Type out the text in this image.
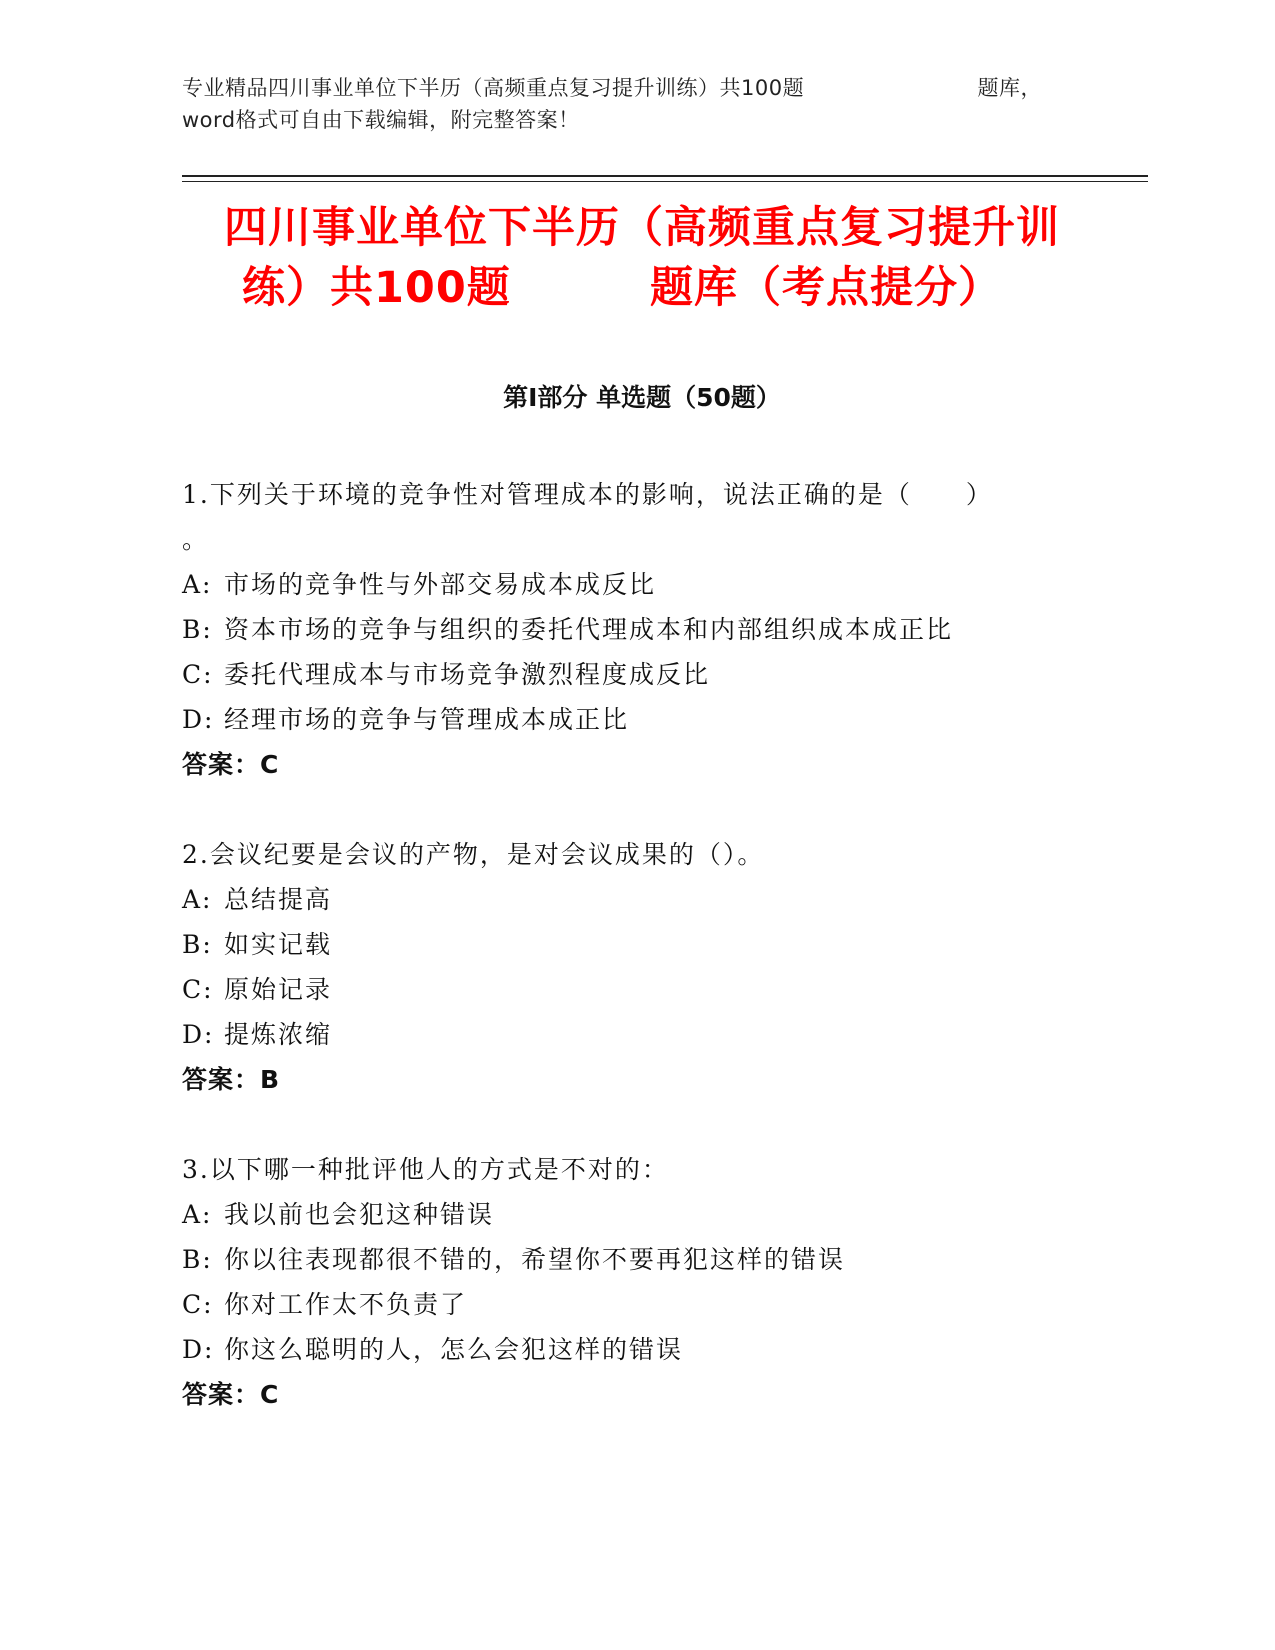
专业精品四川事业单位下半历（高频重点复习提升训练）共100题	题库，
word格式可自由下载编辑，附完整答案！
四川事业单位下半历（高频重点复习提升训
练）共100题	题库（考点提分）
第Ⅰ部分 单选题（50题）
1.下列关于环境的竞争性对管理成本的影响，说法正确的是（　　）
。
A: 市场的竞争性与外部交易成本成反比
B: 资本市场的竞争与组织的委托代理成本和内部组织成本成正比
C: 委托代理成本与市场竞争激烈程度成反比
D: 经理市场的竞争与管理成本成正比
答案：C
2.会议纪要是会议的产物，是对会议成果的（）。
A: 总结提高
B: 如实记载
C: 原始记录
D: 提炼浓缩
答案：B
3.以下哪一种批评他人的方式是不对的：
A: 我以前也会犯这种错误
B: 你以往表现都很不错的，希望你不要再犯这样的错误
C: 你对工作太不负责了
D: 你这么聪明的人，怎么会犯这样的错误
答案：C
